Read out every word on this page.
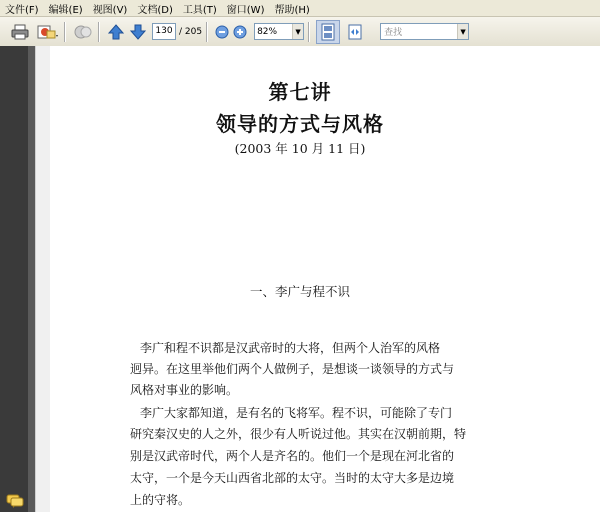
文件(F)	编辑(E)	视图(V)	文档(D)	工具(T)	窗口(W)	帮助(H)
130 / 205	82%	▼	查找	▼
第七讲
领导的方式与风格
(2003 年 10 月 11 日)
一、李广与程不识
李广和程不识都是汉武帝时的大将，但两个人治军的风格
迥异。在这里举他们两个人做例子，是想谈一谈领导的方式与
风格对事业的影响。
李广大家都知道，是有名的飞将军。程不识，可能除了专门
研究秦汉史的人之外，很少有人听说过他。其实在汉朝前期，特
别是汉武帝时代，两个人是齐名的。他们一个是现在河北省的
太守，一个是今天山西省北部的太守。当时的太守大多是边境
上的守将。
